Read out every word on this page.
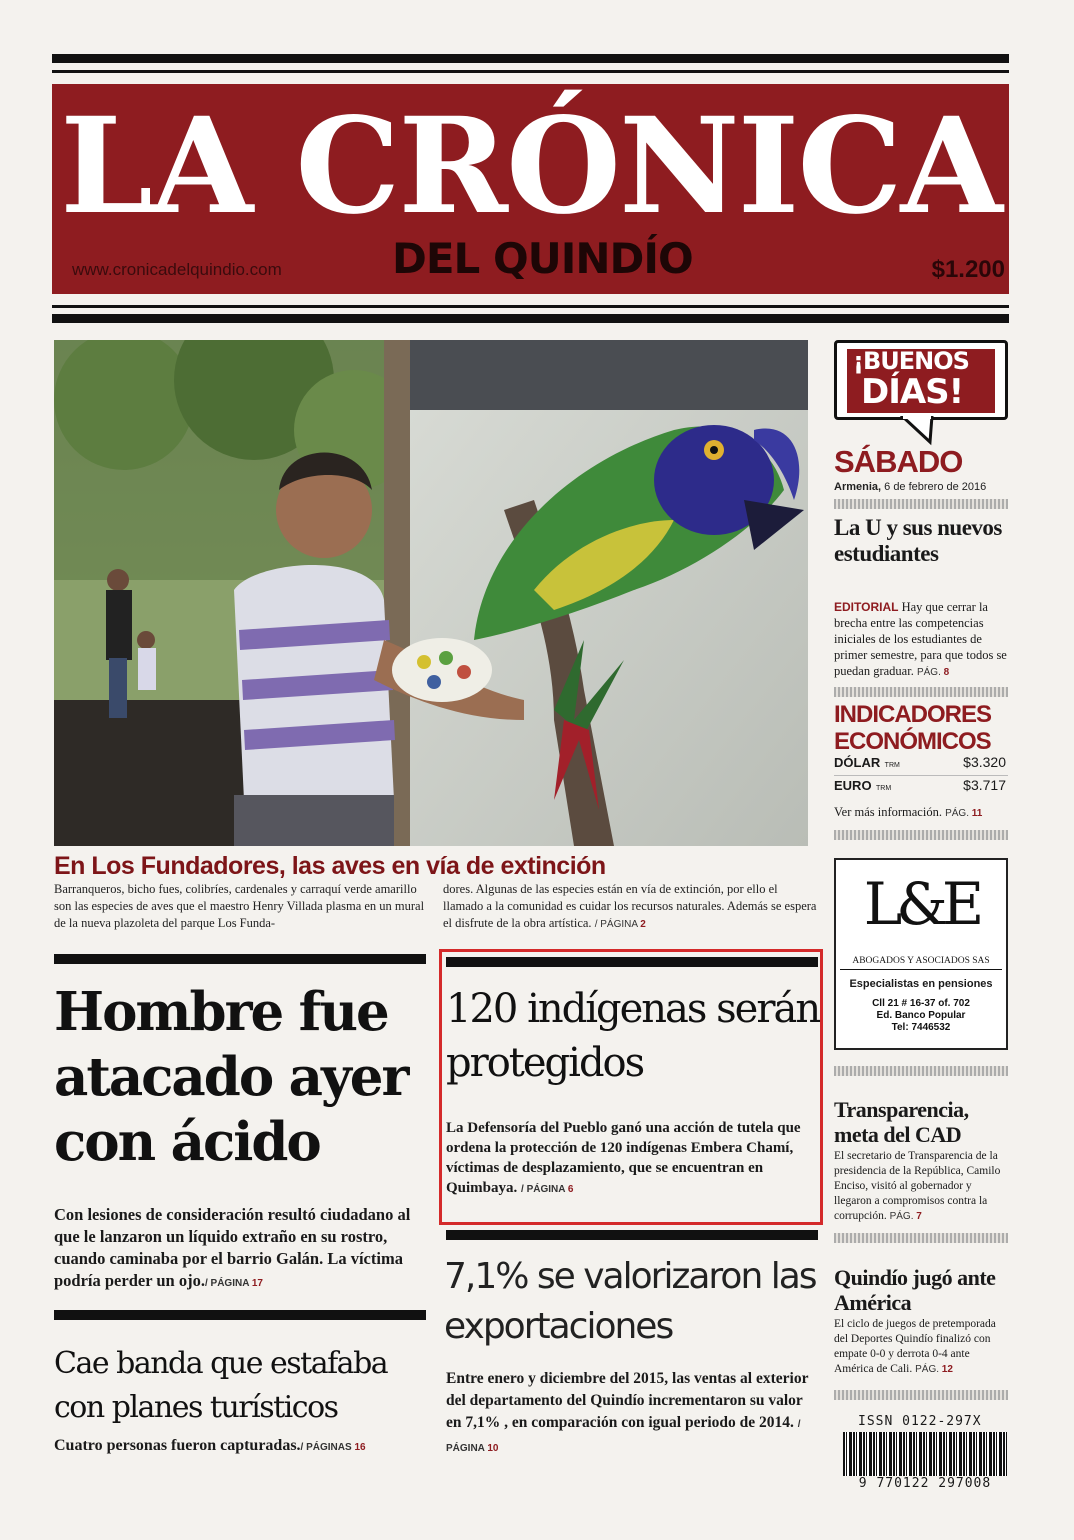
LA CRÓNICA
DEL QUINDÍO
www.cronicadelquindio.com	$1.200
En Los Fundadores, las aves en vía de extinción
Barranqueros, bicho fues, colibríes, cardenales y carraquí verde amarillo son las especies de aves que el maestro Henry Villada plasma en un mural de la nueva plazoleta del parque Los Funda-
dores. Algunas de las especies están en vía de extinción, por ello el llamado a la comunidad es cuidar los recursos naturales. Además se espera el disfrute de la obra artística. / PÁGINA 2
¡BUENOS
DÍAS!
SÁBADO
Armenia, 6 de febrero de 2016
La U y sus nuevos estudiantes
EDITORIAL Hay que cerrar la brecha entre las competencias iniciales de los estudiantes de primer semestre, para que todos se puedan graduar. PÁG. 8
INDICADORES
ECONÓMICOS
DÓLAR TRM	$3.320
EURO TRM	$3.717
Ver más información. PÁG. 11
L&E
ABOGADOS Y ASOCIADOS SAS
Especialistas en pensiones
Cll 21 # 16-37 of. 702
Ed. Banco Popular
Tel: 7446532
Transparencia, meta del CAD
El secretario de Transparencia de la presidencia de la República, Camilo Enciso, visitó al gobernador y llegaron a compromisos contra la corrupción. PÁG. 7
Quindío jugó ante América
El ciclo de juegos de pretemporada del Deportes Quindío finalizó con empate 0-0 y derrota 0-4 ante América de Cali. PÁG. 12
ISSN 0122-297X
9 770122 297008
Hombre fue atacado ayer con ácido
Con lesiones de consideración resultó ciudadano al que le lanzaron un líquido extraño en su rostro, cuando caminaba por el barrio Galán. La víctima podría perder un ojo./ PÁGINA 17
Cae banda que estafaba con planes turísticos
Cuatro personas fueron capturadas./ PÁGINAS 16
120 indígenas serán protegidos
La Defensoría del Pueblo ganó una acción de tutela que ordena la protección de 120 indígenas Embera Chamí, víctimas de desplazamiento, que se encuentran en Quimbaya. / PÁGINA 6
7,1% se valorizaron las exportaciones
Entre enero y diciembre del 2015, las ventas al exterior del departamento del Quindío incrementaron su valor en 7,1% , en comparación con igual periodo de 2014. / PÁGINA 10
